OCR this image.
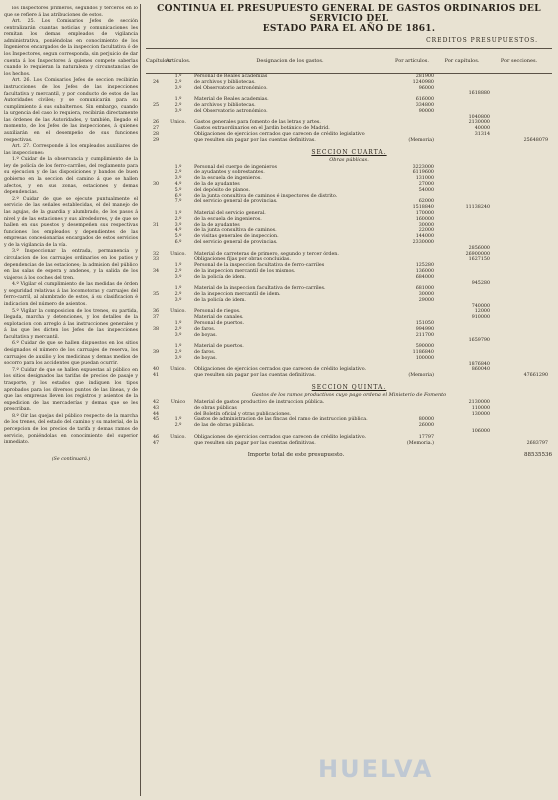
los Inspectores primeros, segundos y terceros en lo que se refiere á las atribuciones de estos.

Art. 25. Los Comisarios Jefes de sección centralizarán cuantas noticias y comunicaciones les remitan los demas empleados de vigilancia administrativa, poniéndolas en conocimiento de los Ingenieros encargados de la inspeccion facultativa ó de los Inspectores, segun corresponda, sin perjuicio de dar cuenta á los Inspectores á quienes compete saberlas cuando lo requieran la naturaleza y circunstancias de los hechos.

Art. 26. Los Comisarios Jefes de seccion recibirán instrucciones de los Jefes de las inspecciones facultativa y mercantil, y por conducto de estos de las Autoridades civiles; y se comunicarán para su cumplimiento á sus subalternos. Sin embargo, cuando la urgencia del caso lo requiera, recibirán directamente las órdenes de las Autoridades, y también, llegado el momento, de los Jefes de las inspecciones, á quienes auxiliarán en el desempeño de sus funciones respectivas.

Art. 27. Corresponde á los empleados auxiliares de las inspecciones:

1.º Cuidar de la observancia y cumplimiento de la ley de policía de los ferro-carriles, del reglamento para su ejecucion y de las disposiciones y bandos de buen gobierno en la seccion del camino á que se hallen afectos, y en sus zonas, estaciones y demas dependencias.

2.º Cuidar de que se ejecute puntualmente el servicio de las señales establecidas, el del manejo de las agujas, de la guardia y alumbrado, de los pasos á nivel y de las estaciones y sus alrededores, y de que se hallen en sus puestos y desempeñen sus respectivas funciones los empleados y dependientes de las empresas concesionarias encargados de estos servicios y de la vigilancia de la vía.

3.º Inspeccionar la entrada, permanencia y circulacion de los carruajes ordinarios en los patios y dependencias de las estaciones; la admision del público en las salas de espera y andenes, y la salida de los viajeros á los coches del tren.

4.º Vigilar el cumplimiento de las medidas de órden y seguridad relativas á las locomotoras y carruajes del ferro-carril, al alumbrado de estos, á su clasificacion é indicacion del número de asientos.

5.º Vigilar la composicion de los trenes, su partida, llegada, marcha y detenciones, y los detalles de la explotacion con arreglo á las instrucciones generales y á las que les dicten los Jefes de las inspecciones facultativa y mercantil.

6.º Cuidar de que se hallen dispuestos en los sitios designados el número de los carruajes de reserva, los carruajes de auxilio y los medicinas y demas medios de socorro para los accidentes que puedan ocurrir.

7.º Cuidar de que se hallen expuestas al público en los sitios designados las tarifas de precios de pasaje y trasporte, y los estados que indiquen los tipos aprobados para los diversos puntos de las líneas, y de que las empresas lleven los registros y asientos de la expedicion de las mercaderías y demas que se les prescriban.

8.º Oir las quejas del público respecto de la marcha de los trenes, del estado del camino y su material, de la percepcion de los precios de tarifa y demas ramos de servicio, poniéndolas en conocimiento del superior inmediato.

(Se continuará.)

CONTINUA EL PRESUPUESTO GENERAL DE GASTOS ORDINARIOS DEL SERVICIO DEL
ESTADO PARA EL AÑO DE 1861.
CREDITOS PRESUPUESTOS.
Capítulos.
Artículos.	Designacion de los gastos.	Por artículos.	Por capítulos.	Por secciones.
1.º	Personal de Reales academias	281900
24	2.º	de archivos y bibliotecas.	1240980
3.º	del Observatorio astronómico.	96000
1618880
1.º	Material de Reales academias.	616000
25	2.º	de archivos y bibliotecas.	334800
3.º	del Observatorio astronómico.	90000
1040800
26	Unico.	Gastos generales para fomento de las letras y artes.	2130000
27	Gastos extraordinarios en el Jardin botánico de Madrid.	40000
28	Obligaciones de ejercicios cerrados que carecen de crédito legislativo	31314
29	que resulten sin pagar por las cuentas definitivas.	(Memoria)	25648079
SECCION CUARTA.
Obras públicas.
1.º	Personal del cuerpo de ingenieros	3223000
2.º	de ayudantes y sobrestantes.	6119600
3.º	de la escuela de ingenieros.	131000
30	4.º	de la de ayudantes	27000
5.º	del depósito de planos.	54000
6.º	de la junta consultiva de caminos é inspectores de distrito.
7.º	del servicio general de provincias.	62000
1518840	11138240
1.º	Material del servicio general.	170000
2.º	de la escuela de ingenieros.	160000
31	3.º	de la de ayudantes	30000
4.º	de la junta consultiva de caminos.	22000
5.º	de visitas generales de inspeccion.	144000
6.º	del servicio general de provincias.	2330000
2856000
32	Unico.	Material de carreteras de primero, segundo y tercer órden.	26900000
33	Obligaciones fijas por obras concluidas.	1627150
1.º	Personal de la inspeccion facultativa de ferro-carriles	125280
34	2.º	de la inspeccion mercantil de los mismos.	136000
3.º	de la policía de idem.	684000
945280
1.º	Material de la inspeccion facultativa de ferro-carriles.	681000
35	2.º	de la inspeccion mercantil de idem.	30000
3.º	de la policía de idem.	29000
740000
36	Unico.	Personal de riegos.	12000
37	Material de canales.	910000
1.º	Personal de puertos.	151050
38	2.º	de faros.	994990
3.º	de boyas.	211700
1659790
1.º	Material de puertos.	590000
39	2.º	de faros.	1186840
3.º	de boyas.	100000
1876840
40	Unico.	Obligaciones de ejercicios cerrados que carecen de crédito legislativo.	860040
41	que resulten sin pagar por las cuentas definitivas.	(Memoria)	47661290
SECCION QUINTA.
Gastos de los ramos productivos cuyo pago ordena el Ministerio de Fomento
42	Unico	Material de gastos productivo de instruccion pública.	2130000
43	de obras públicas	110000
44	del Boletín oficial y otras publicaciones.	130000
45	1.º	Gastos de administracion de las fincas del ramo de instruccion pública.	80000
2.º	de las de obras públicas.	26000
106000
46	Unico.	Obligaciones de ejercicios cerrados que carecen de crédito legislativo.	17797
47	que resulten sin pagar por las cuentas definitivas.	(Memoria.)	2683797
Importe total de este presupuesto.	88535536
HUELVA
